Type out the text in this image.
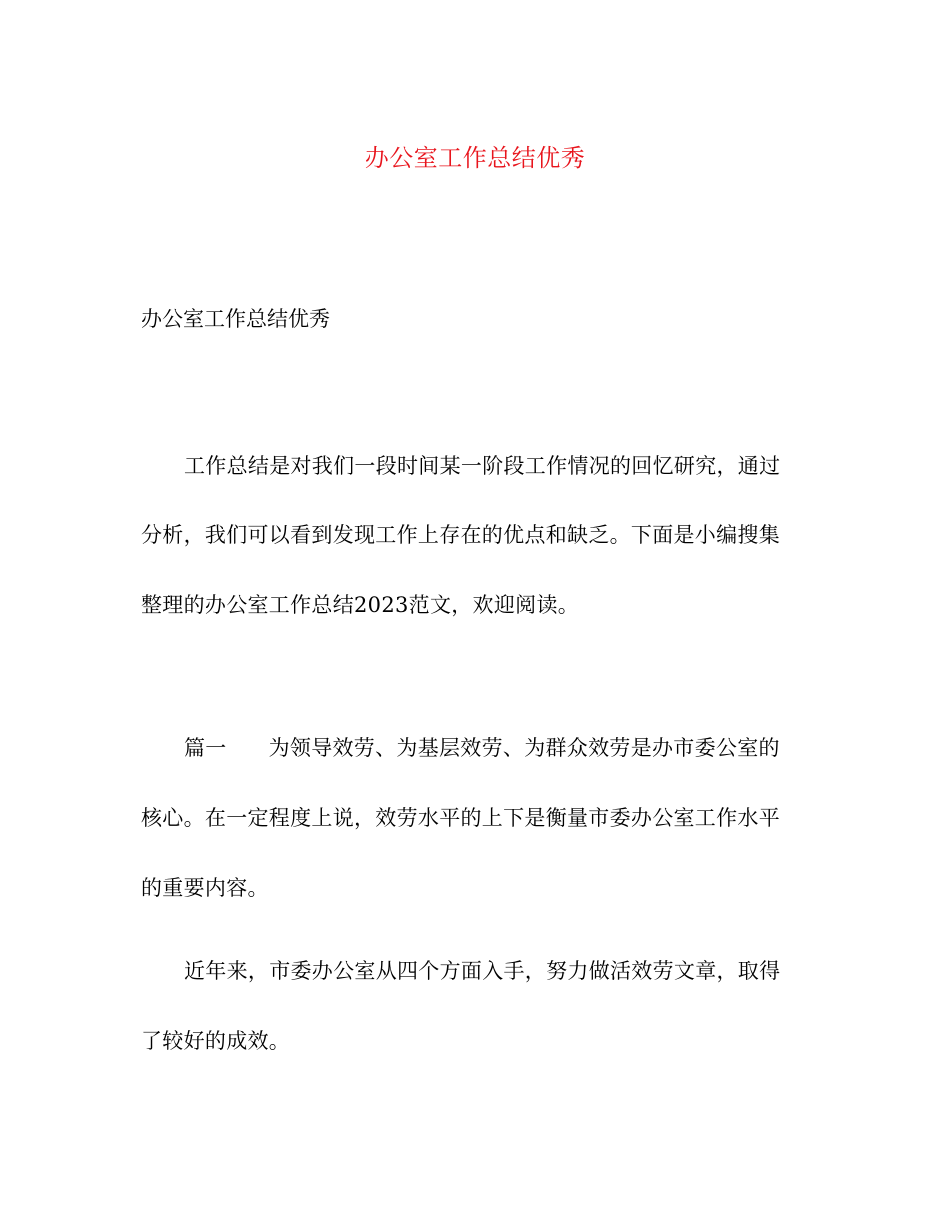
办公室工作总结优秀
办公室工作总结优秀
工作总结是对我们一段时间某一阶段工作情况的回忆研究，通过
分析，我们可以看到发现工作上存在的优点和缺乏。下面是小编搜集
整理的办公室工作总结2023范文，欢迎阅读。
篇一 为领导效劳、为基层效劳、为群众效劳是办市委公室的
核心。在一定程度上说，效劳水平的上下是衡量市委办公室工作水平
的重要内容。
近年来，市委办公室从四个方面入手，努力做活效劳文章，取得
了较好的成效。
